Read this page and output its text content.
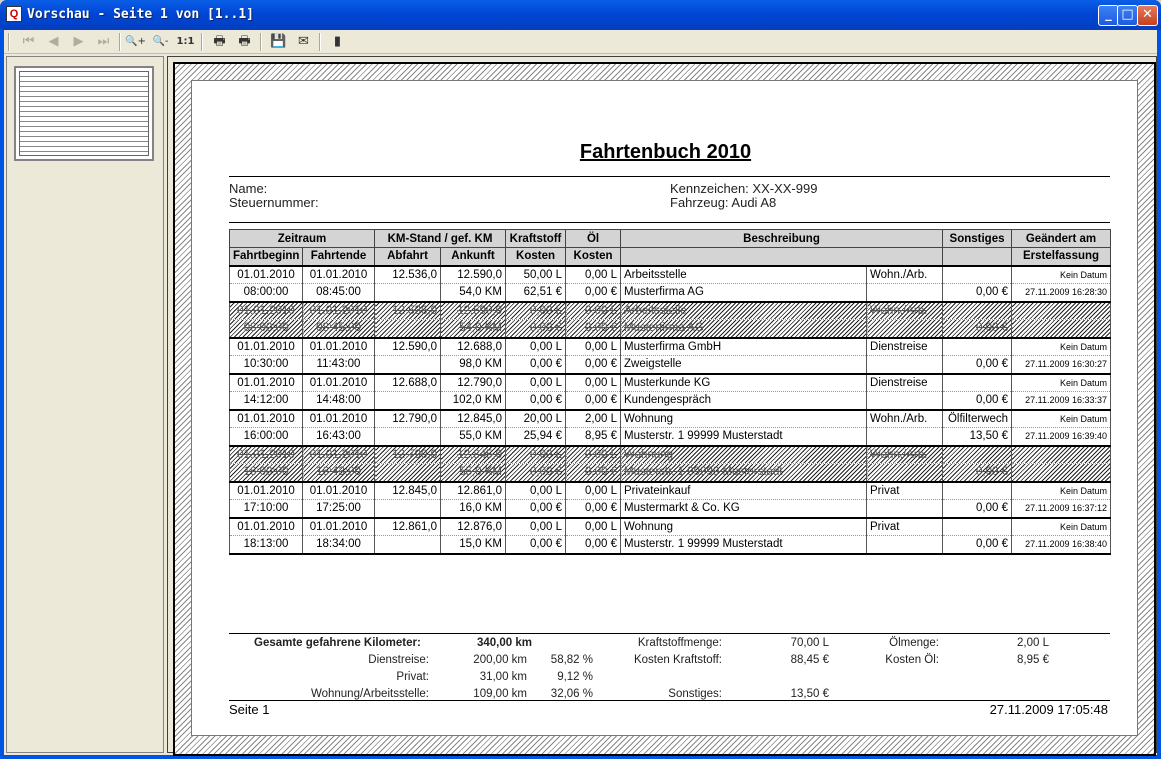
Q Vorschau - Seite 1 von [1..1]	_ □ ✕
⏮	◀	▶	⏭	🔍+ 🔍- 1:1	🖶 🖶	💾 ✉	▮
Fahrtenbuch 2010
Name:
Steuernummer:
Kennzeichen: XX-XX-999
Fahrzeug: Audi A8
Zeitraum		KM-Stand / gef. KM		Kraftstoff	Öl	Beschreibung		Sonstiges	Geändert am
Fahrtbeginn	Fahrtende	Abfahrt	Ankunft	Kosten	Kosten				Erstelfassung
01.01.2010	01.01.2010	12.536,0	12.590,0	50,00 L	0,00 L	Arbeitsstelle	Wohn./Arb.		Kein Datum
08:00:00	08:45:00		54,0 KM	62,51 €	0,00 €	Musterfirma AG		0,00 €	27.11.2009 16:28:30
01.01.2010	01.01.2010	12.536,0	12.590,0	0,00 L	0,00 L	Arbeitsstelle	Wohn./Arb.		
08:00:00	08:45:00		54,0 KM	0,00 €	0,00 €	Musterfirma AG		0,00 €	
01.01.2010	01.01.2010	12.590,0	12.688,0	0,00 L	0,00 L	Musterfirma GmbH	Dienstreise		Kein Datum
10:30:00	11:43:00		98,0 KM	0,00 €	0,00 €	Zweigstelle		0,00 €	27.11.2009 16:30:27
01.01.2010	01.01.2010	12.688,0	12.790,0	0,00 L	0,00 L	Musterkunde KG	Dienstreise		Kein Datum
14:12:00	14:48:00		102,0 KM	0,00 €	0,00 €	Kundengespräch		0,00 €	27.11.2009 16:33:37
01.01.2010	01.01.2010	12.790,0	12.845,0	20,00 L	2,00 L	Wohnung	Wohn./Arb.	Ölfilterwech	Kein Datum
16:00:00	16:43:00		55,0 KM	25,94 €	8,95 €	Musterstr. 1 99999 Musterstadt		13,50 €	27.11.2009 16:39:40
01.01.2010	01.01.2010	12.790,0	12.845,0	0,00 L	0,00 L	Wohnung	Wohn./Arb.		
16:00:00	16:43:00		55,0 KM	0,00 €	0,00 €	Musterstr. 1 99999 Musterstadt		0,00 €	
01.01.2010	01.01.2010	12.845,0	12.861,0	0,00 L	0,00 L	Privateinkauf	Privat		Kein Datum
17:10:00	17:25:00		16,0 KM	0,00 €	0,00 €	Mustermarkt & Co. KG		0,00 €	27.11.2009 16:37:12
01.01.2010	01.01.2010	12.861,0	12.876,0	0,00 L	0,00 L	Wohnung	Privat		Kein Datum
18:13:00	18:34:00		15,0 KM	0,00 €	0,00 €	Musterstr. 1 99999 Musterstadt		0,00 €	27.11.2009 16:38:40
Gesamte gefahrene Kilometer:	340,00 km
Dienstreise:	200,00 km 58,82 %
Privat:	31,00 km	9,12 %
Wohnung/Arbeitsstelle:	109,00 km 32,06 %
Kraftstoffmenge:	70,00 L
Kosten Kraftstoff:	88,45 €
Sonstiges:	13,50 €
Ölmenge:	2,00 L
Kosten Öl:	8,95 €
Seite 1	27.11.2009 17:05:48
